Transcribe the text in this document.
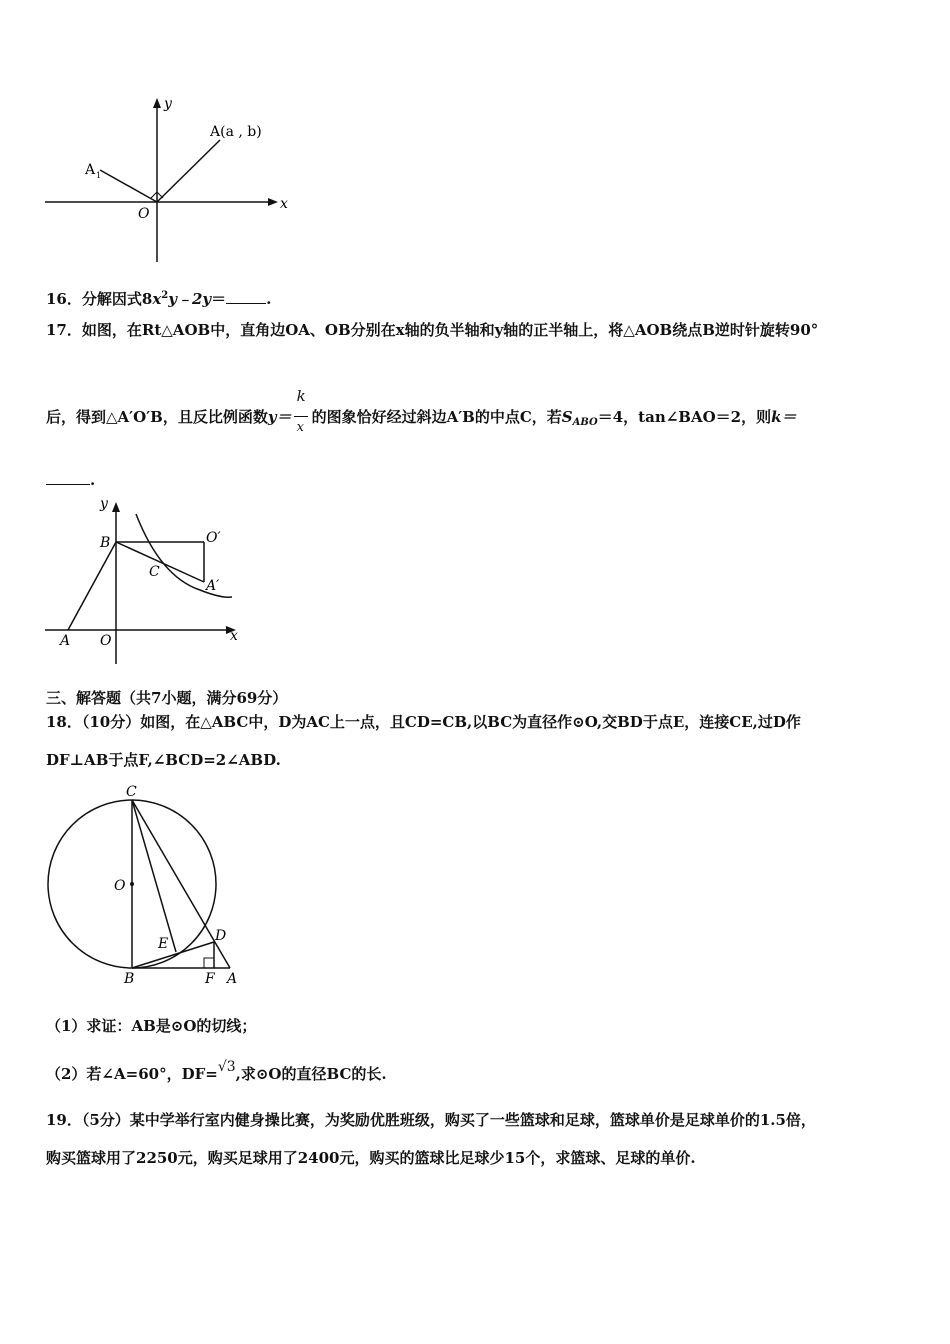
y
x
O
A(a , b)
A 1
16．分解因式$8x^2y﹣2y=$	.
17．如图，在Rt△AOB中，直角边OA、OB分别在x轴的负半轴和y轴的正半轴上，将△AOB绕点B逆时针旋转90°
后，得到△A′O′B，且反比例函数$y= \frac{k}{x}$ 的图象恰好经过斜边A′B的中点C，若$S_{ABO}=4$，tan∠BAO＝2，则k＝
.
y
x
B	O′
C
A′
A O
三、解答题（共7小题，满分69分）
18．（10分）如图，在△ABC中，D为AC上一点，且CD=CB,以BC为直径作⊙O,交BD于点E，连接CE,过D作
DF⊥AB于点F,∠BCD=2∠ABD.
C
O
E	D
B	F A
（1）求证：AB是⊙O的切线；
（2）若∠A=60°，DF=√3,求⊙O的直径BC的长.
19．（5分）某中学举行室内健身操比赛，为奖励优胜班级，购买了一些篮球和足球，篮球单价是足球单价的1.5倍，
购买篮球用了2250元，购买足球用了2400元，购买的篮球比足球少15个，求篮球、足球的单价.
